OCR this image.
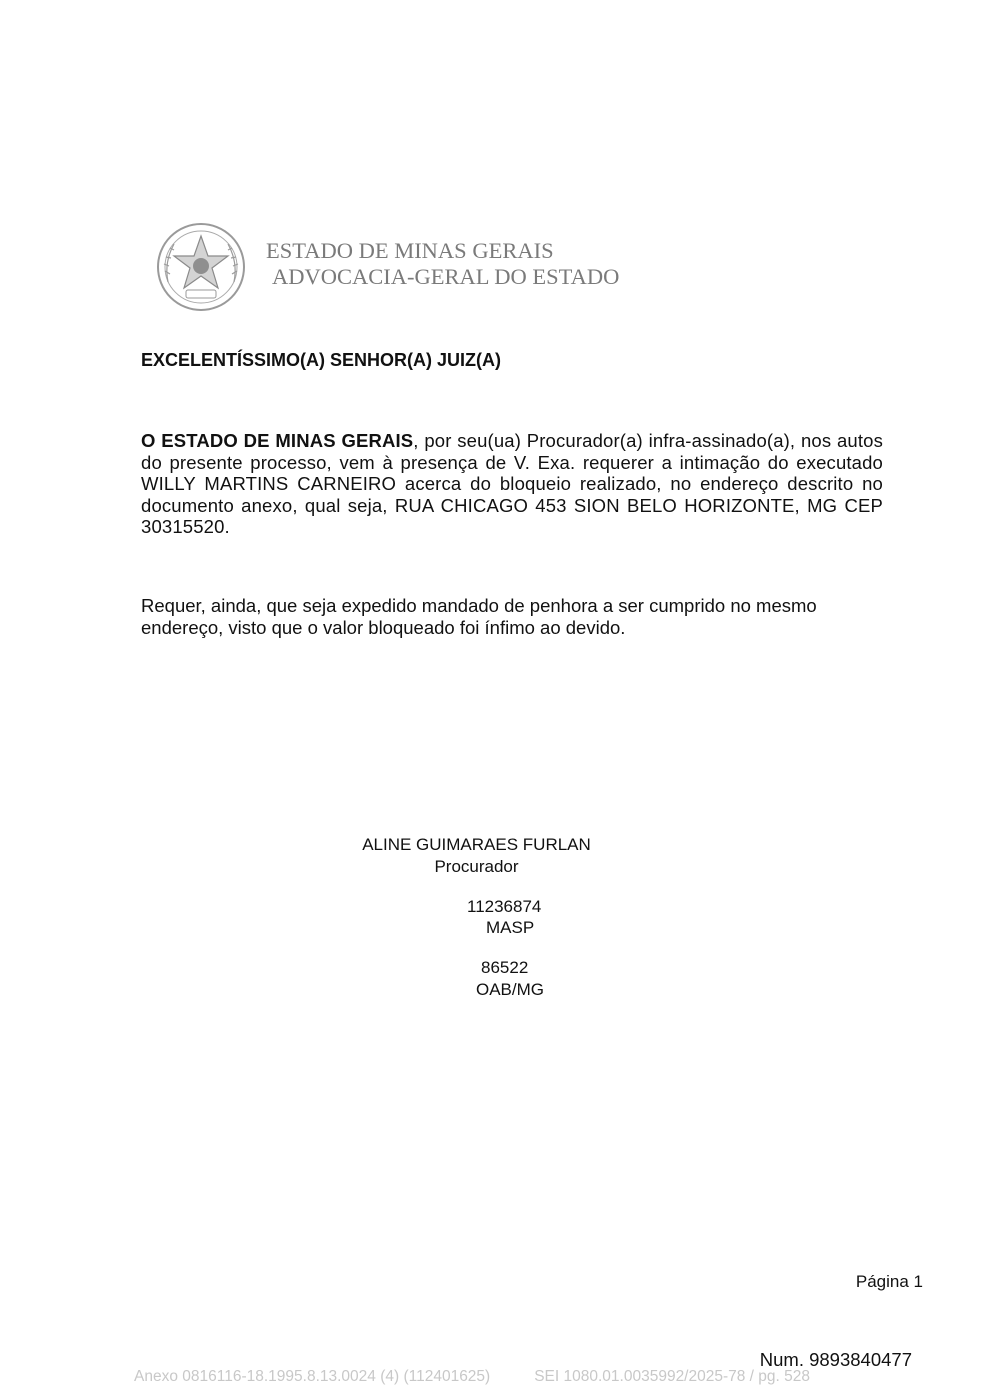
ESTADO DE MINAS GERAIS
ADVOCACIA-GERAL DO ESTADO
EXCELENTÍSSIMO(A) SENHOR(A) JUIZ(A)
O ESTADO DE MINAS GERAIS, por seu(ua) Procurador(a) infra-assinado(a), nos autos do presente processo, vem à presença de V. Exa. requerer a intimação do executado WILLY MARTINS CARNEIRO acerca do bloqueio realizado, no endereço descrito no documento anexo, qual seja, RUA CHICAGO 453 SION BELO HORIZONTE, MG CEP 30315520.
Requer, ainda, que seja expedido mandado de penhora a ser cumprido no mesmo endereço, visto que o valor bloqueado foi ínfimo ao devido.
ALINE GUIMARAES FURLAN
Procurador
11236874
MASP
86522
OAB/MG
Página 1
Num. 9893840477
Anexo 0816116-18.1995.8.13.0024 (4) (112401625)	SEI 1080.01.0035992/2025-78 / pg. 528
